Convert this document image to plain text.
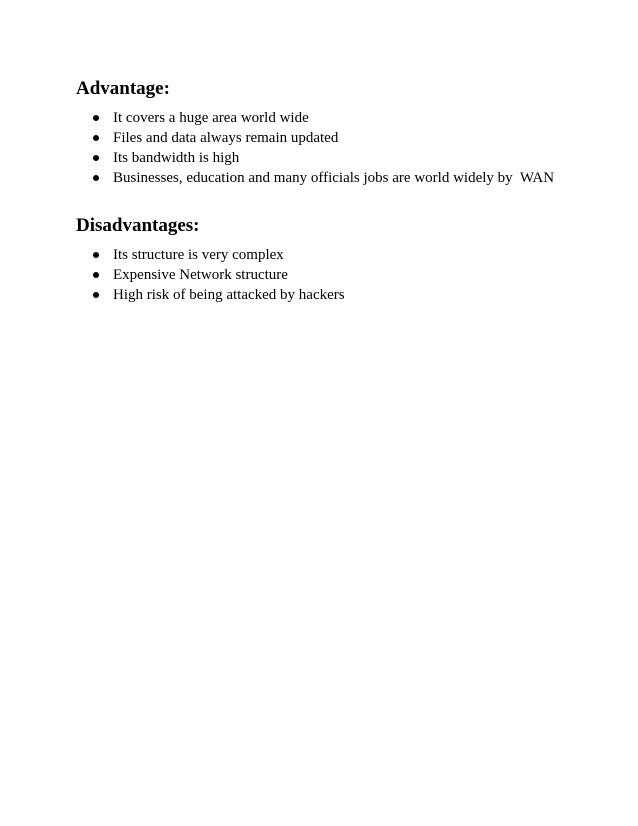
Advantage:
It covers a huge area world wide
Files and data always remain updated
Its bandwidth is high
Businesses, education and many officials jobs are world widely by  WAN
Disadvantages:
Its structure is very complex
Expensive Network structure
High risk of being attacked by hackers
